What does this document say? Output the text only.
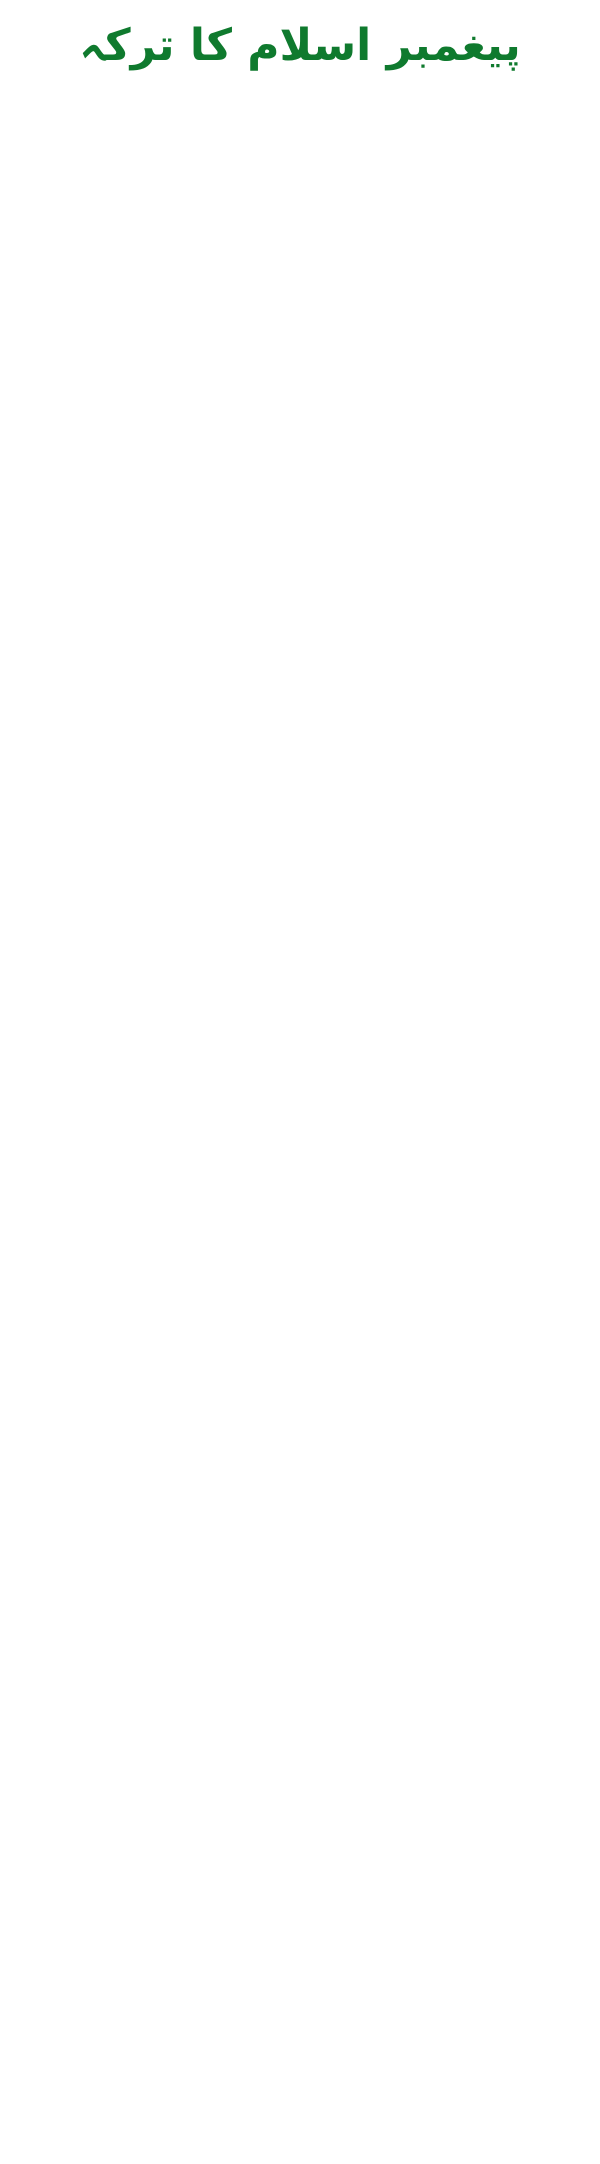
پیغمبر اسلام کا ترکہ
